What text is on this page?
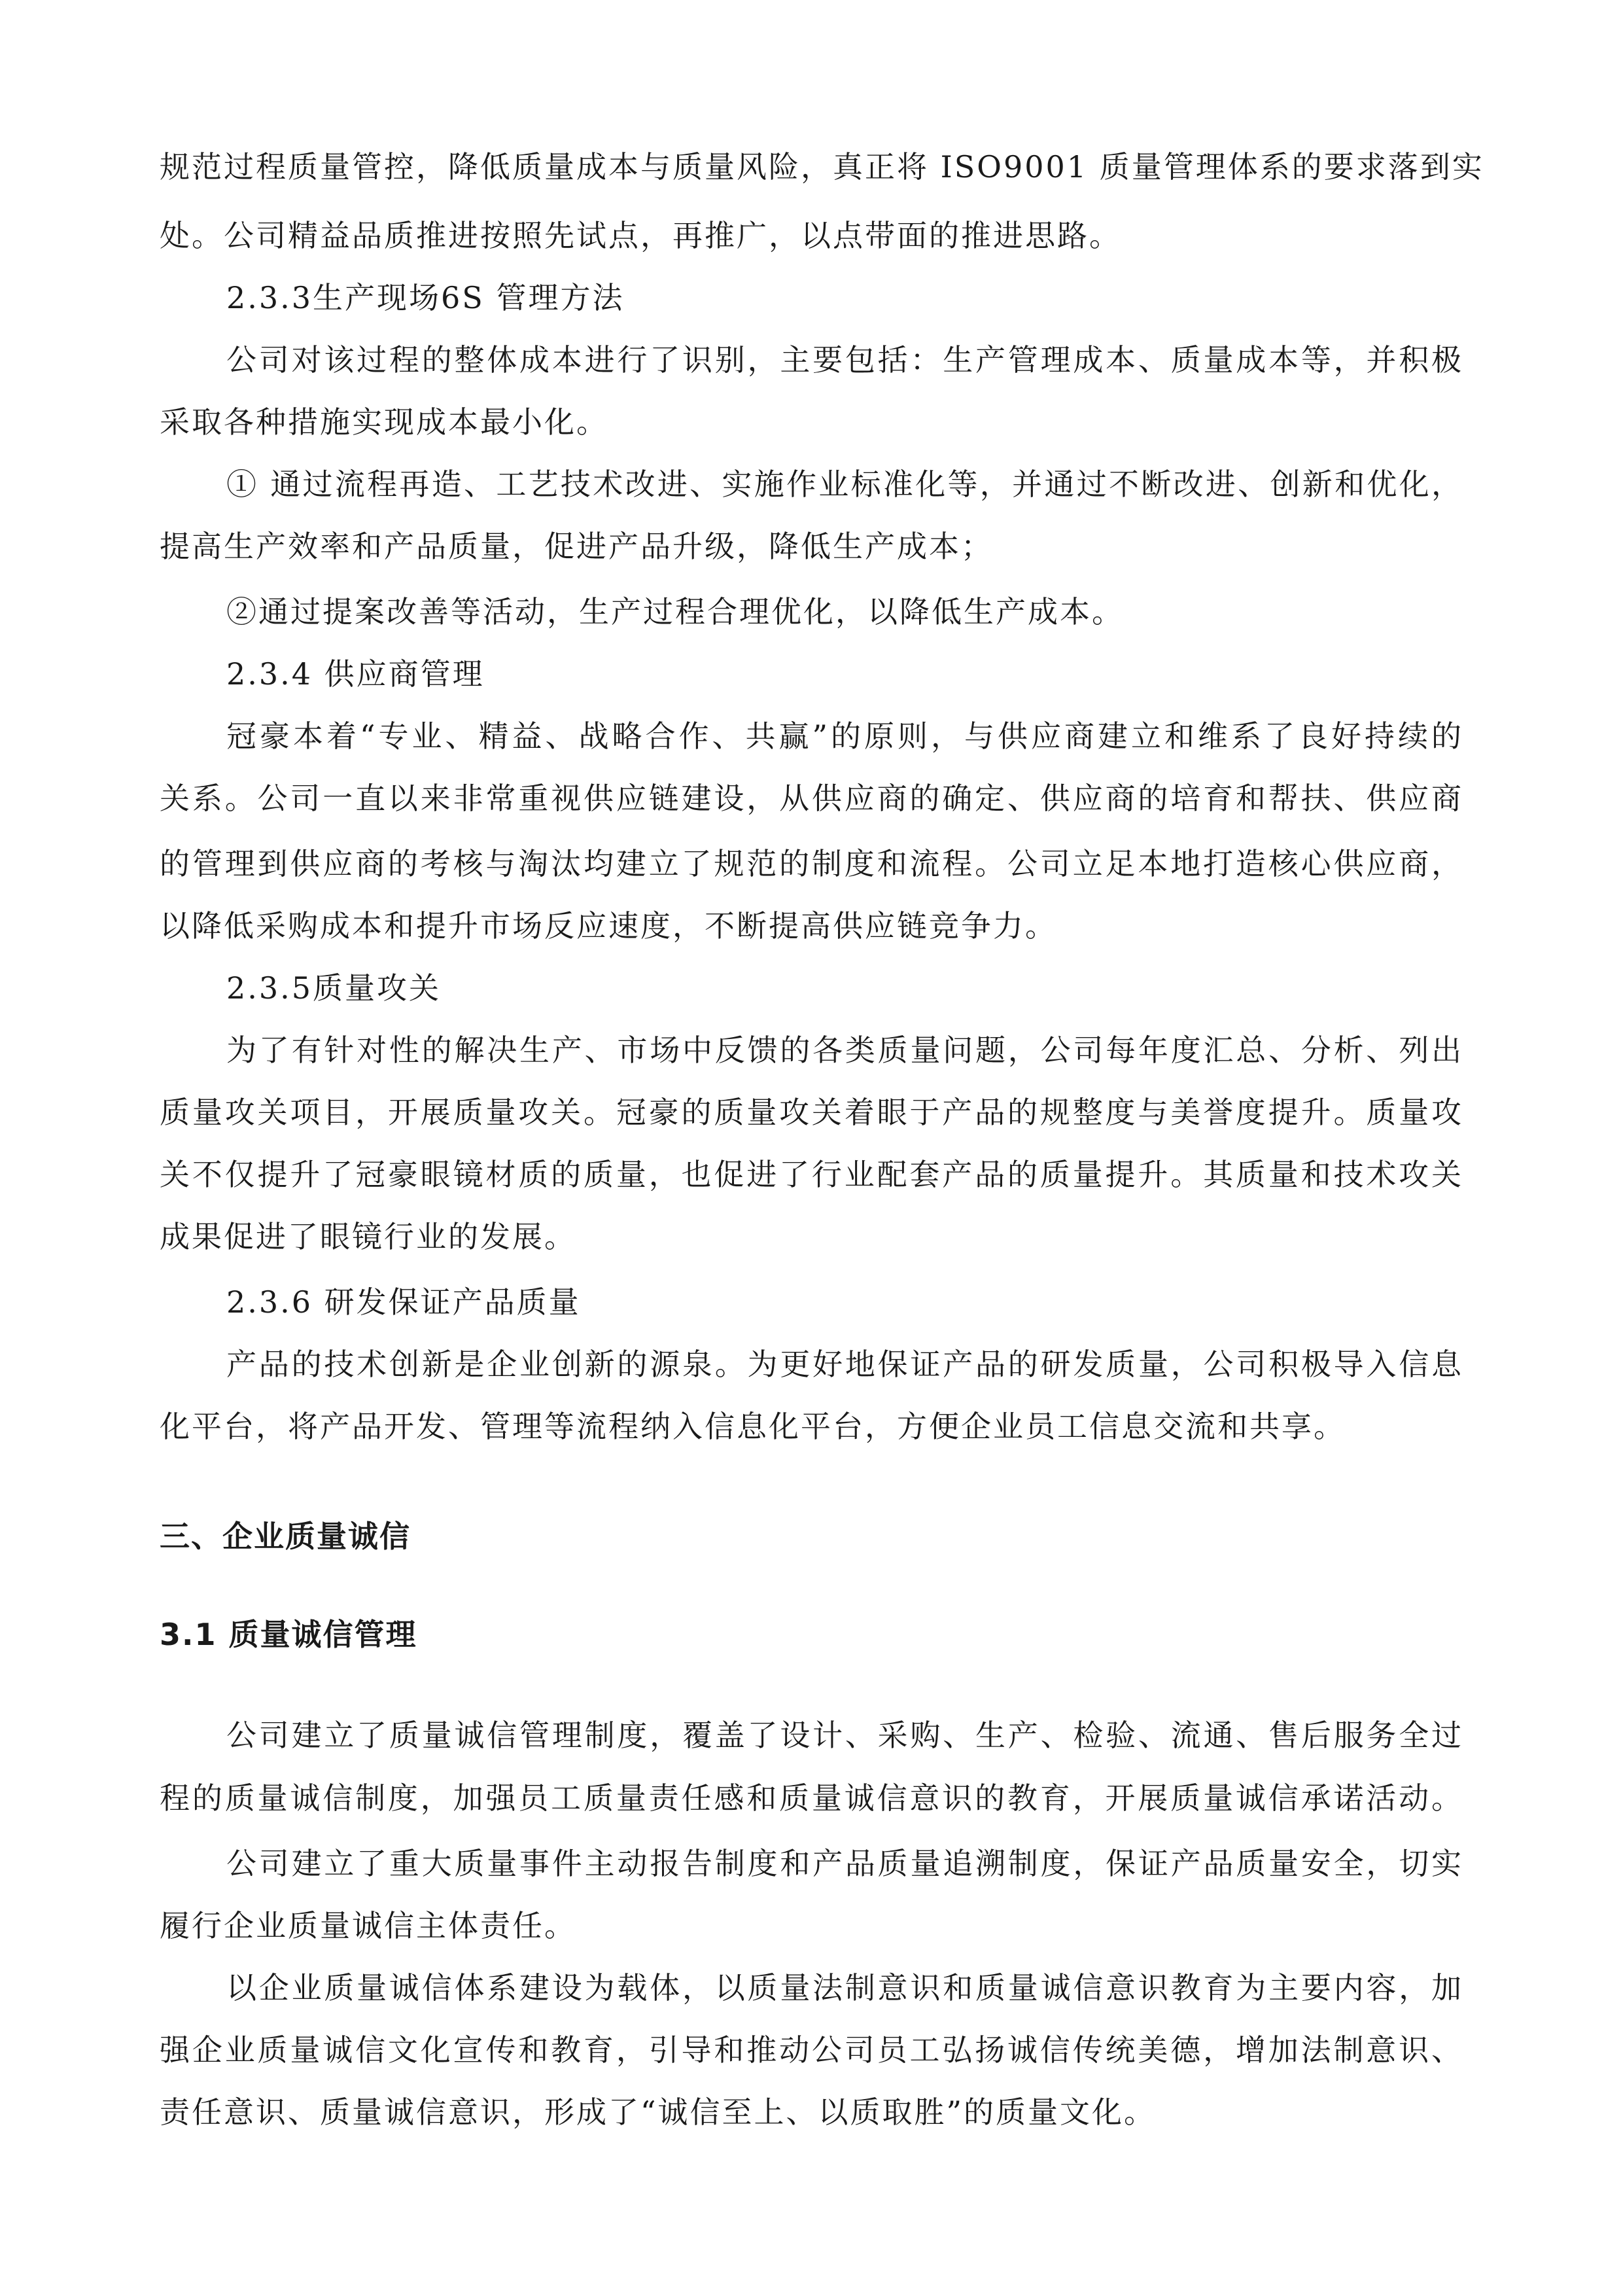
规范过程质量管控，降低质量成本与质量风险，真正将 ISO9001 质量管理体系的要求落到实
处。公司精益品质推进按照先试点，再推广，以点带面的推进思路。
2.3.3生产现场6S 管理方法
公司对该过程的整体成本进行了识别，主要包括：生产管理成本、质量成本等，并积极
采取各种措施实现成本最小化。
① 通过流程再造、工艺技术改进、实施作业标准化等，并通过不断改进、创新和优化，
提高生产效率和产品质量，促进产品升级，降低生产成本；
②通过提案改善等活动，生产过程合理优化，以降低生产成本。
2.3.4 供应商管理
冠豪本着“专业、精益、战略合作、共赢”的原则，与供应商建立和维系了良好持续的
关系。公司一直以来非常重视供应链建设，从供应商的确定、供应商的培育和帮扶、供应商
的管理到供应商的考核与淘汰均建立了规范的制度和流程。公司立足本地打造核心供应商，
以降低采购成本和提升市场反应速度，不断提高供应链竞争力。
2.3.5质量攻关
为了有针对性的解决生产、市场中反馈的各类质量问题，公司每年度汇总、分析、列出
质量攻关项目，开展质量攻关。冠豪的质量攻关着眼于产品的规整度与美誉度提升。质量攻
关不仅提升了冠豪眼镜材质的质量，也促进了行业配套产品的质量提升。其质量和技术攻关
成果促进了眼镜行业的发展。
2.3.6 研发保证产品质量
产品的技术创新是企业创新的源泉。为更好地保证产品的研发质量，公司积极导入信息
化平台，将产品开发、管理等流程纳入信息化平台，方便企业员工信息交流和共享。
三、企业质量诚信
3.1 质量诚信管理
公司建立了质量诚信管理制度，覆盖了设计、采购、生产、检验、流通、售后服务全过
程的质量诚信制度，加强员工质量责任感和质量诚信意识的教育，开展质量诚信承诺活动。
公司建立了重大质量事件主动报告制度和产品质量追溯制度，保证产品质量安全，切实
履行企业质量诚信主体责任。
以企业质量诚信体系建设为载体，以质量法制意识和质量诚信意识教育为主要内容，加
强企业质量诚信文化宣传和教育，引导和推动公司员工弘扬诚信传统美德，增加法制意识、
责任意识、质量诚信意识，形成了“诚信至上、以质取胜”的质量文化。
